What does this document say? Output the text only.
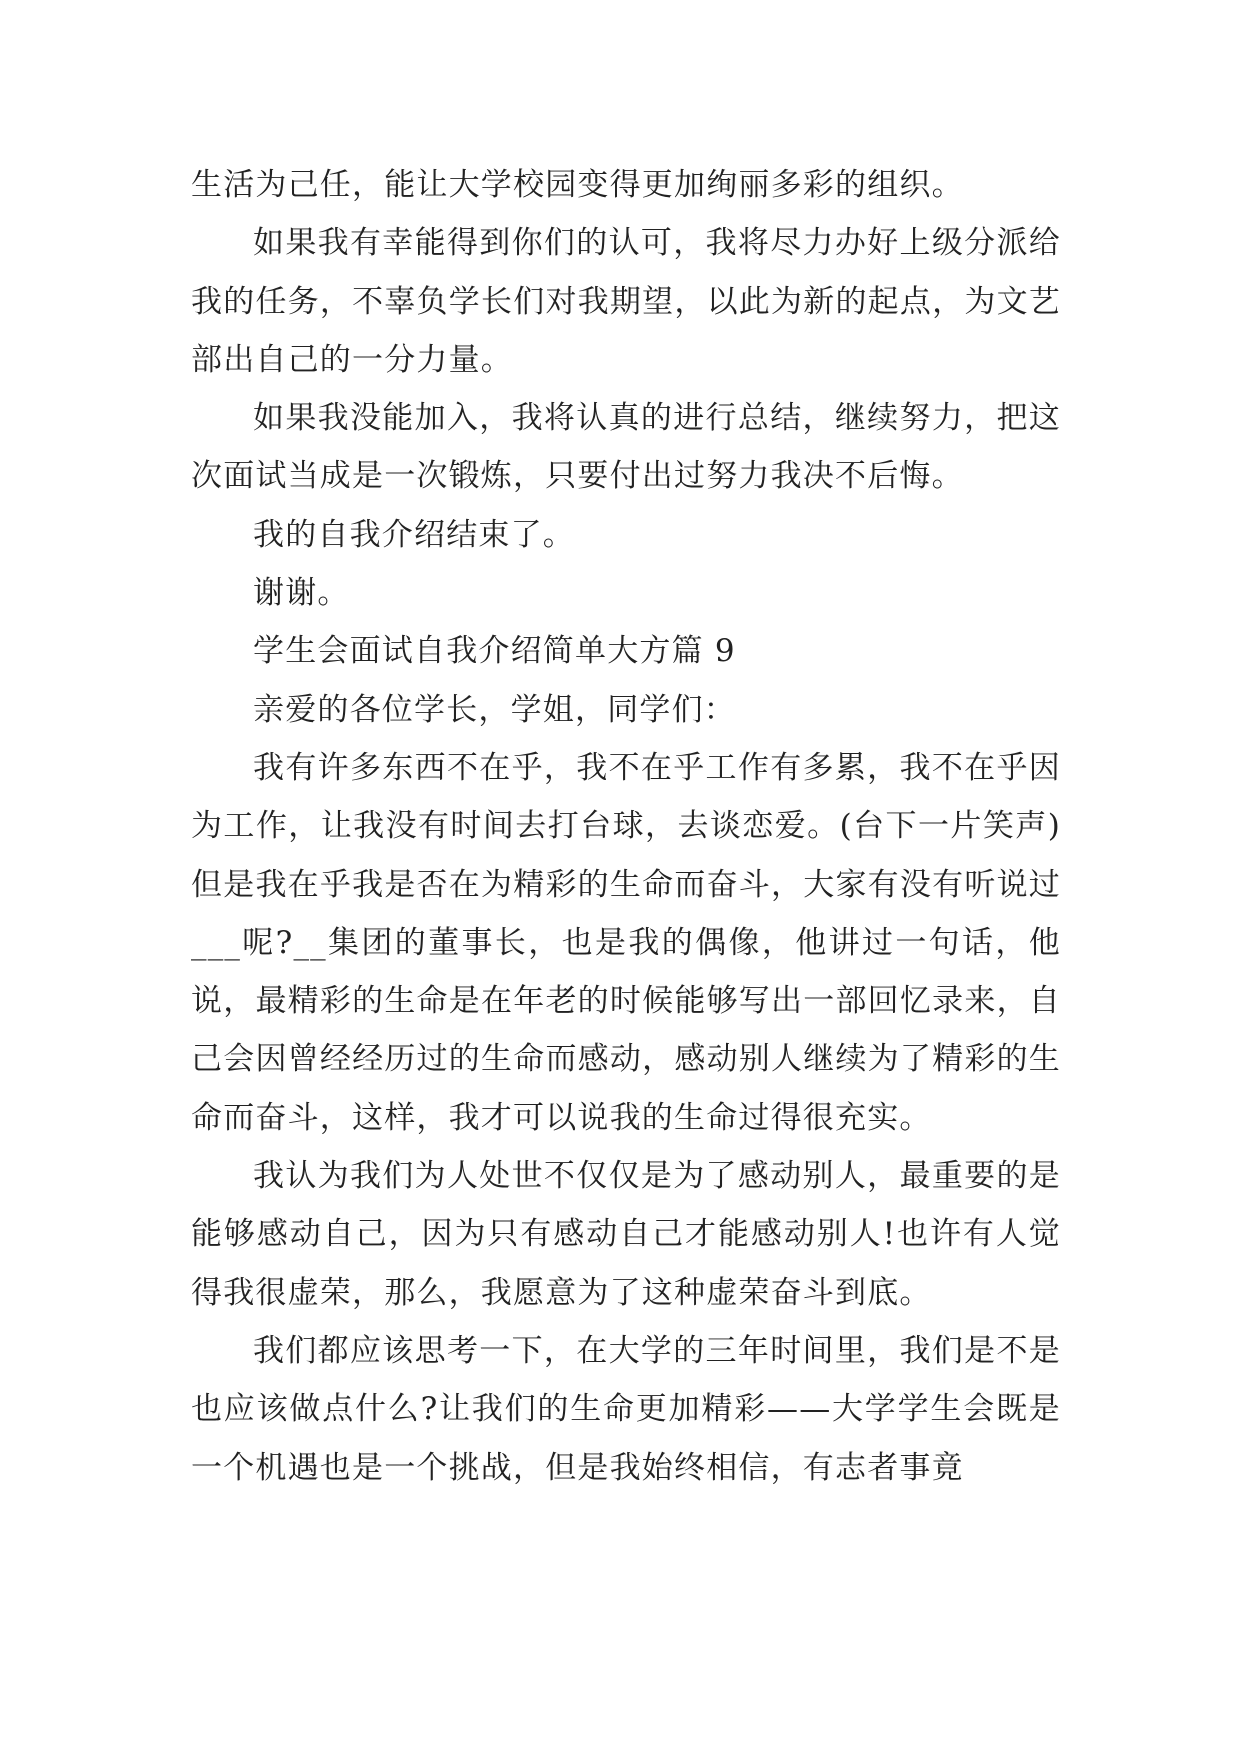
生活为己任，能让大学校园变得更加绚丽多彩的组织。

如果我有幸能得到你们的认可，我将尽力办好上级分派给我的任务，不辜负学长们对我期望，以此为新的起点，为文艺部出自己的一分力量。

如果我没能加入，我将认真的进行总结，继续努力，把这次面试当成是一次锻炼，只要付出过努力我决不后悔。

我的自我介绍结束了。

谢谢。

学生会面试自我介绍简单大方篇 9

亲爱的各位学长，学姐，同学们：

我有许多东西不在乎，我不在乎工作有多累，我不在乎因为工作，让我没有时间去打台球，去谈恋爱。(台下一片笑声)但是我在乎我是否在为精彩的生命而奋斗，大家有没有听说过___呢?__集团的董事长，也是我的偶像，他讲过一句话，他说，最精彩的生命是在年老的时候能够写出一部回忆录来，自己会因曾经经历过的生命而感动，感动别人继续为了精彩的生命而奋斗，这样，我才可以说我的生命过得很充实。

我认为我们为人处世不仅仅是为了感动别人，最重要的是能够感动自己，因为只有感动自己才能感动别人!也许有人觉得我很虚荣，那么，我愿意为了这种虚荣奋斗到底。

我们都应该思考一下，在大学的三年时间里，我们是不是也应该做点什么?让我们的生命更加精彩——大学学生会既是一个机遇也是一个挑战，但是我始终相信，有志者事竟
